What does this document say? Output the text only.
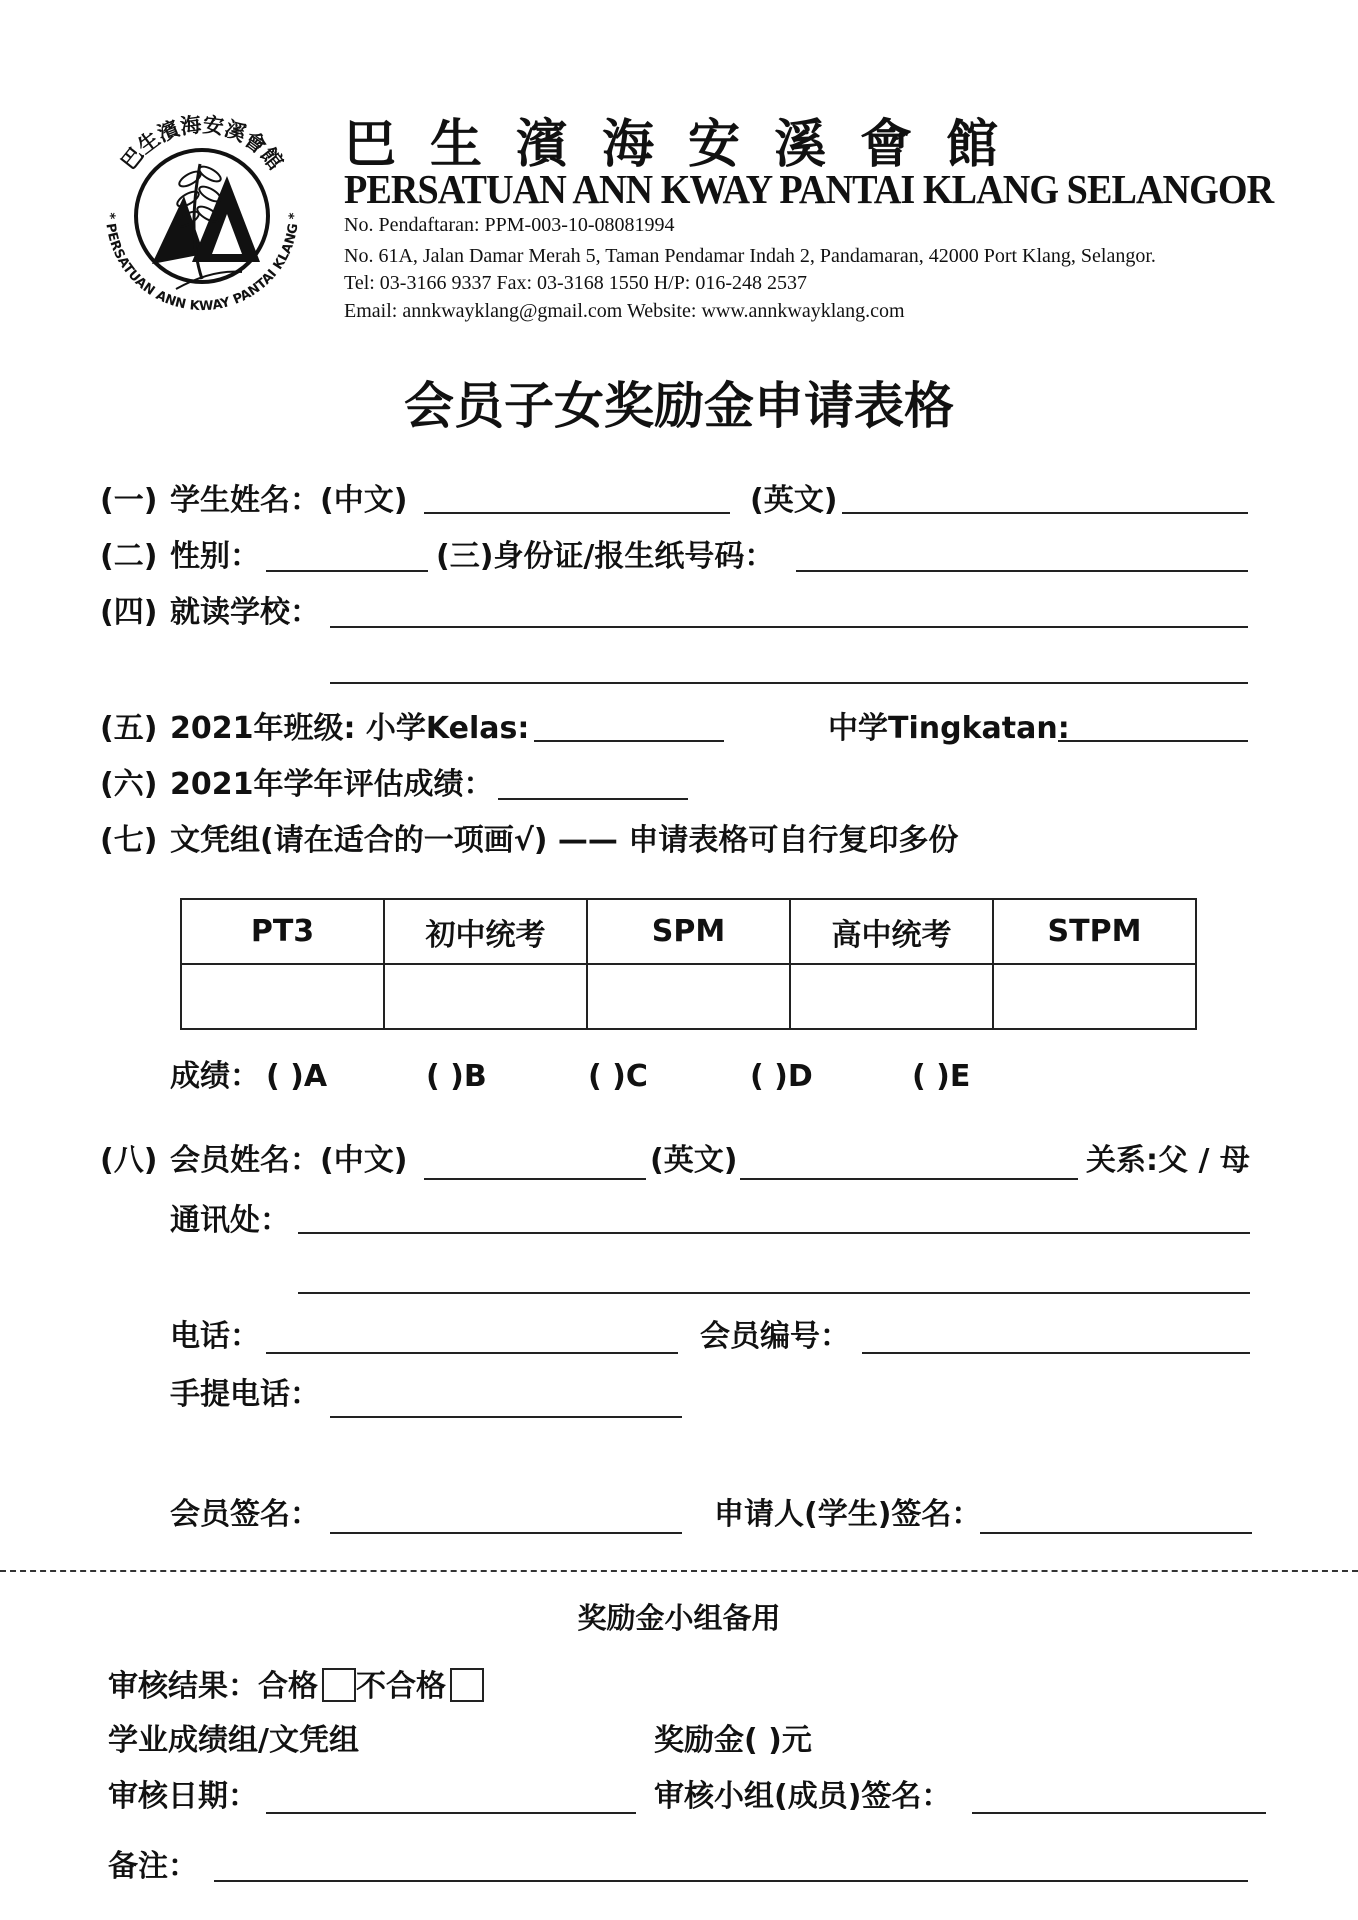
巴生濱海安溪會館
* PERSATUAN ANN KWAY PANTAI KLANG *
巴生濱海安溪會館
PERSATUAN ANN KWAY PANTAI KLANG SELANGOR
No. Pendaftaran: PPM-003-10-08081994
No. 61A, Jalan Damar Merah 5, Taman Pendamar Indah 2, Pandamaran, 42000 Port Klang, Selangor.
Tel: 03-3166 9337 Fax: 03-3168 1550 H/P: 016-248 2537
Email: annkwayklang@gmail.com Website: www.annkwayklang.com
会员子女奖励金申请表格
(一) 学生姓名：(中文)	(英文)
(二) 性别：	(三)身份证/报生纸号码：
(四) 就读学校：
(五) 2021年班级: 小学Kelas:	中学Tingkatan:
(六) 2021年学年评估成绩：
(七) 文凭组(请在适合的一项画√) —— 申请表格可自行复印多份
PT3	初中统考	SPM	高中统考	STPM

成绩： ( )A	( )B	( )C	( )D	( )E
(八) 会员姓名：(中文)	(英文)	关系:父 / 母
通讯处：
电话：	会员编号：
手提电话：
会员签名：	申请人(学生)签名：
奖励金小组备用
审核结果：合格 不合格
学业成绩组/文凭组	奖励金( )元
审核日期：	审核小组(成员)签名：
备注：
